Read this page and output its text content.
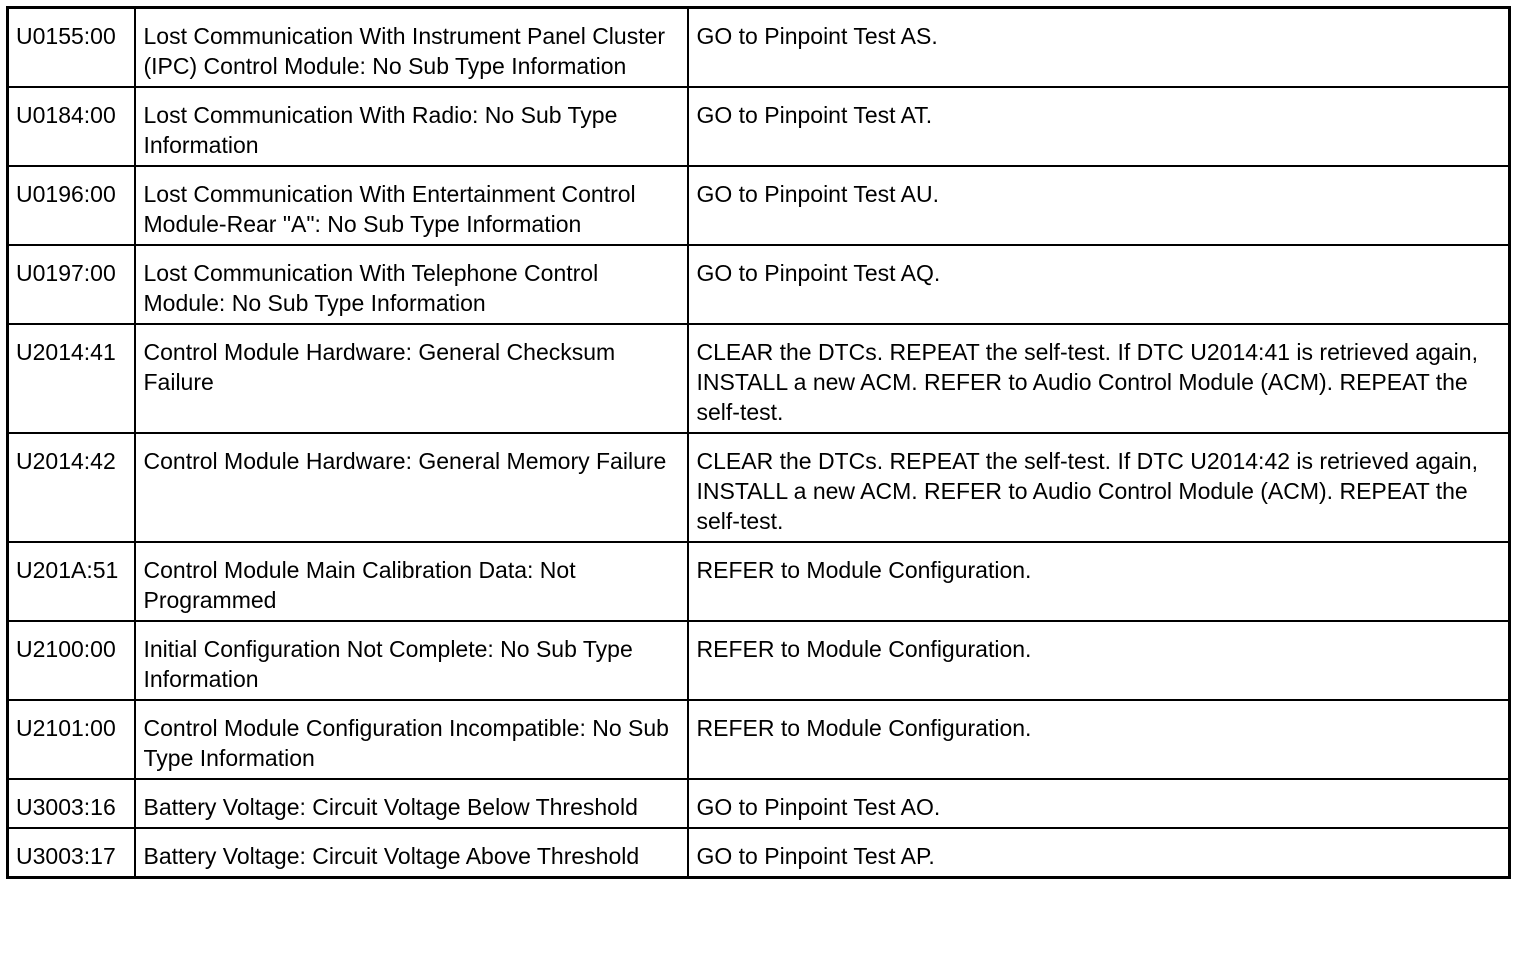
U0155:00	Lost Communication With Instrument Panel Cluster (IPC) Control Module: No Sub Type Information	GO to Pinpoint Test AS.
U0184:00	Lost Communication With Radio: No Sub Type Information	GO to Pinpoint Test AT.
U0196:00	Lost Communication With Entertainment Control Module-Rear "A": No Sub Type Information	GO to Pinpoint Test AU.
U0197:00	Lost Communication With Telephone Control Module: No Sub Type Information	GO to Pinpoint Test AQ.
U2014:41	Control Module Hardware: General Checksum Failure	CLEAR the DTCs. REPEAT the self-test. If DTC U2014:41 is retrieved again, INSTALL a new ACM. REFER to Audio Control Module (ACM). REPEAT the self-test.
U2014:42	Control Module Hardware: General Memory Failure	CLEAR the DTCs. REPEAT the self-test. If DTC U2014:42 is retrieved again, INSTALL a new ACM. REFER to Audio Control Module (ACM). REPEAT the self-test.
U201A:51	Control Module Main Calibration Data: Not Programmed	REFER to Module Configuration.
U2100:00	Initial Configuration Not Complete: No Sub Type Information	REFER to Module Configuration.
U2101:00	Control Module Configuration Incompatible: No Sub Type Information	REFER to Module Configuration.
U3003:16	Battery Voltage: Circuit Voltage Below Threshold	GO to Pinpoint Test AO.
U3003:17	Battery Voltage: Circuit Voltage Above Threshold	GO to Pinpoint Test AP.
